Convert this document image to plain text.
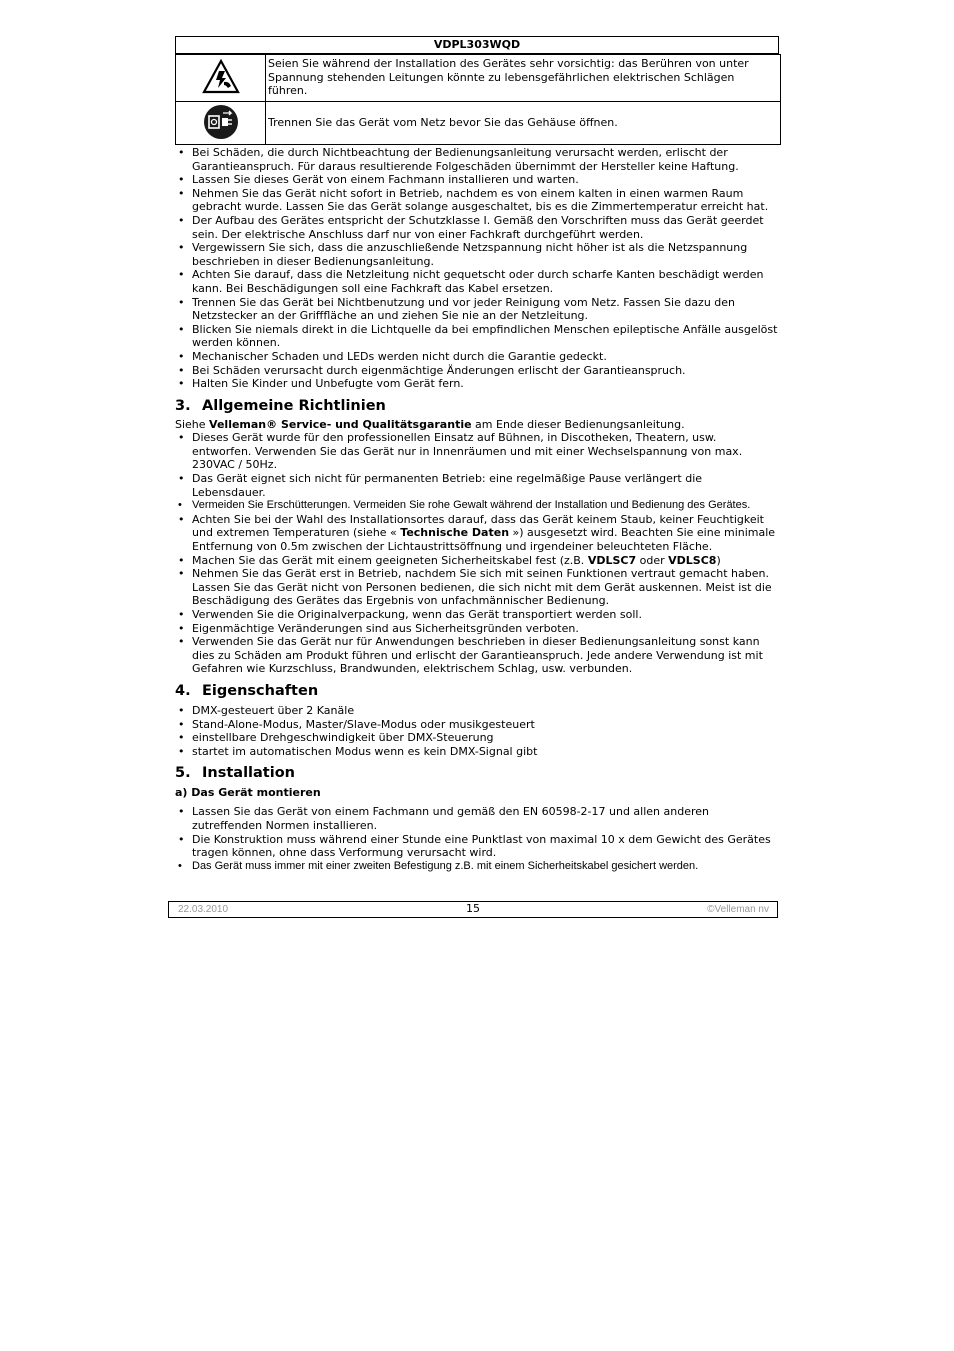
VDPL303WQD
	Seien Sie während der Installation des Gerätes sehr vorsichtig: das Berühren von unter Spannung stehenden Leitungen könnte zu lebensgefährlichen elektrischen Schlägen führen.
	Trennen Sie das Gerät vom Netz bevor Sie das Gehäuse öffnen.
• Bei Schäden, die durch Nichtbeachtung der Bedienungsanleitung verursacht werden, erlischt der Garantieanspruch. Für daraus resultierende Folgeschäden übernimmt der Hersteller keine Haftung.
• Lassen Sie dieses Gerät von einem Fachmann installieren und warten.
• Nehmen Sie das Gerät nicht sofort in Betrieb, nachdem es von einem kalten in einen warmen Raum gebracht wurde. Lassen Sie das Gerät solange ausgeschaltet, bis es die Zimmertemperatur erreicht hat.
• Der Aufbau des Gerätes entspricht der Schutzklasse I. Gemäß den Vorschriften muss das Gerät geerdet sein. Der elektrische Anschluss darf nur von einer Fachkraft durchgeführt werden.
• Vergewissern Sie sich, dass die anzuschließende Netzspannung nicht höher ist als die Netzspannung beschrieben in dieser Bedienungsanleitung.
• Achten Sie darauf, dass die Netzleitung nicht gequetscht oder durch scharfe Kanten beschädigt werden kann. Bei Beschädigungen soll eine Fachkraft das Kabel ersetzen.
• Trennen Sie das Gerät bei Nichtbenutzung und vor jeder Reinigung vom Netz. Fassen Sie dazu den Netzstecker an der Grifffläche an und ziehen Sie nie an der Netzleitung.
• Blicken Sie niemals direkt in die Lichtquelle da bei empfindlichen Menschen epileptische Anfälle ausgelöst werden können.
• Mechanischer Schaden und LEDs werden nicht durch die Garantie gedeckt.
• Bei Schäden verursacht durch eigenmächtige Änderungen erlischt der Garantieanspruch.
• Halten Sie Kinder und Unbefugte vom Gerät fern.
3. Allgemeine Richtlinien

Siehe Velleman® Service- und Qualitätsgarantie am Ende dieser Bedienungsanleitung.

• Dieses Gerät wurde für den professionellen Einsatz auf Bühnen, in Discotheken, Theatern, usw. entworfen. Verwenden Sie das Gerät nur in Innenräumen und mit einer Wechselspannung von max. 230VAC / 50Hz.
• Das Gerät eignet sich nicht für permanenten Betrieb: eine regelmäßige Pause verlängert die Lebensdauer.
• Vermeiden Sie Erschütterungen. Vermeiden Sie rohe Gewalt während der Installation und Bedienung des Gerätes.
• Achten Sie bei der Wahl des Installationsortes darauf, dass das Gerät keinem Staub, keiner Feuchtigkeit und extremen Temperaturen (siehe « Technische Daten ») ausgesetzt wird. Beachten Sie eine minimale Entfernung von 0.5m zwischen der Lichtaustrittsöffnung und irgendeiner beleuchteten Fläche.
• Machen Sie das Gerät mit einem geeigneten Sicherheitskabel fest (z.B. VDLSC7 oder VDLSC8)
• Nehmen Sie das Gerät erst in Betrieb, nachdem Sie sich mit seinen Funktionen vertraut gemacht haben. Lassen Sie das Gerät nicht von Personen bedienen, die sich nicht mit dem Gerät auskennen. Meist ist die Beschädigung des Gerätes das Ergebnis von unfachmännischer Bedienung.
• Verwenden Sie die Originalverpackung, wenn das Gerät transportiert werden soll.
• Eigenmächtige Veränderungen sind aus Sicherheitsgründen verboten.
• Verwenden Sie das Gerät nur für Anwendungen beschrieben in dieser Bedienungsanleitung sonst kann dies zu Schäden am Produkt führen und erlischt der Garantieanspruch. Jede andere Verwendung ist mit Gefahren wie Kurzschluss, Brandwunden, elektrischem Schlag, usw. verbunden.
4. Eigenschaften
• DMX-gesteuert über 2 Kanäle
• Stand-Alone-Modus, Master/Slave-Modus oder musikgesteuert
• einstellbare Drehgeschwindigkeit über DMX-Steuerung
• startet im automatischen Modus wenn es kein DMX-Signal gibt
5. Installation
a) Das Gerät montieren
• Lassen Sie das Gerät von einem Fachmann und gemäß den EN 60598-2-17 und allen anderen zutreffenden Normen installieren.
• Die Konstruktion muss während einer Stunde eine Punktlast von maximal 10 x dem Gewicht des Gerätes tragen können, ohne dass Verformung verursacht wird.
• Das Gerät muss immer mit einer zweiten Befestigung z.B. mit einem Sicherheitskabel gesichert werden.
22.03.2010	15	©Velleman nv
